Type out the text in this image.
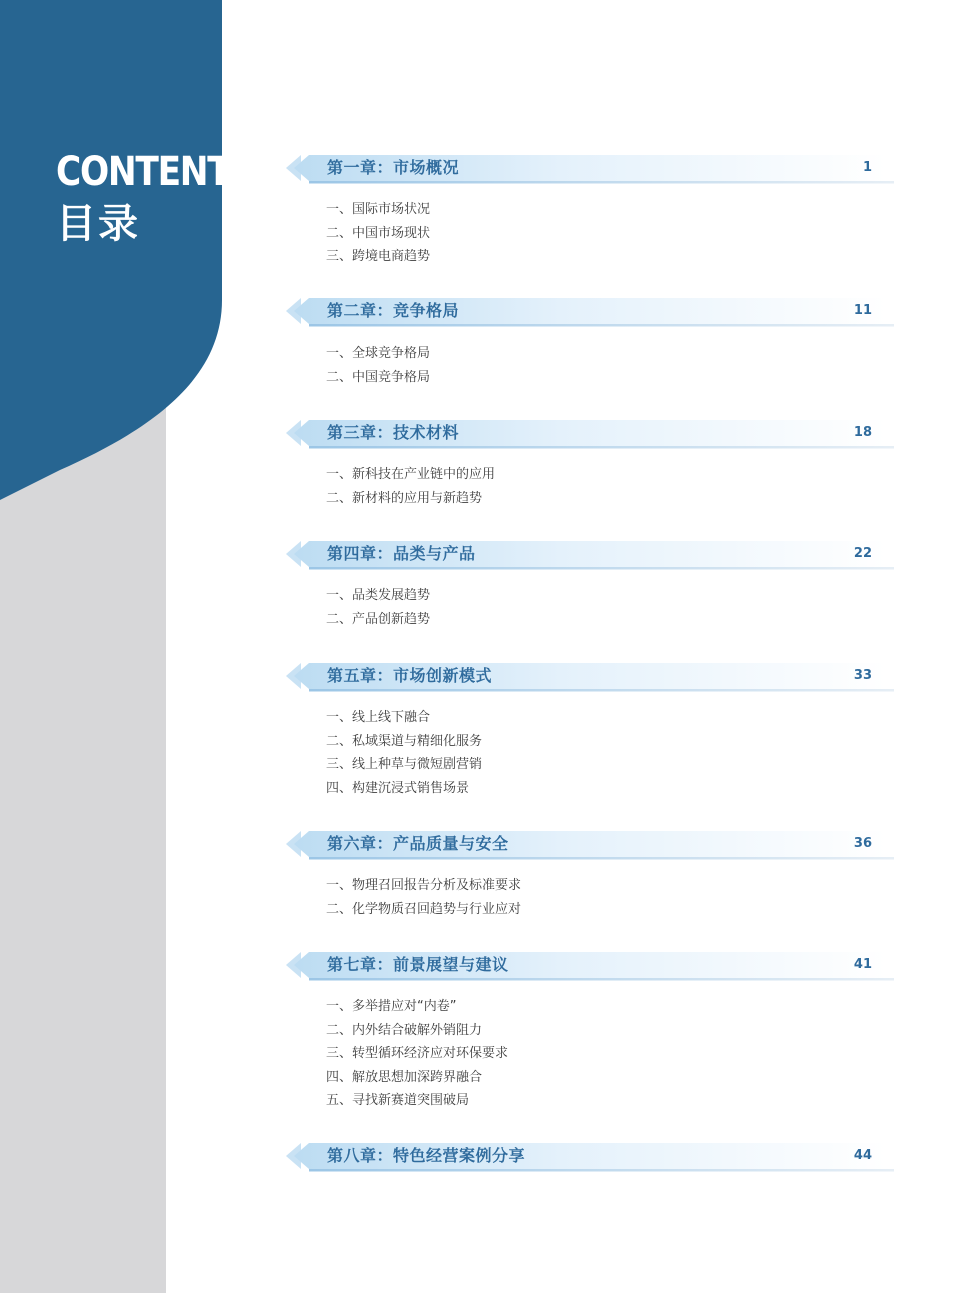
CONTENTS
目录
第一章：市场概况	1
一、国际市场状况
二、中国市场现状
三、跨境电商趋势
第二章：竞争格局	11
一、全球竞争格局
二、中国竞争格局
第三章：技术材料	18
一、新科技在产业链中的应用
二、新材料的应用与新趋势
第四章：品类与产品	22
一、品类发展趋势
二、产品创新趋势
第五章：市场创新模式	33
一、线上线下融合
二、私域渠道与精细化服务
三、线上种草与微短剧营销
四、构建沉浸式销售场景
第六章：产品质量与安全	36
一、物理召回报告分析及标准要求
二、化学物质召回趋势与行业应对
第七章：前景展望与建议	41
一、多举措应对“内卷”
二、内外结合破解外销阻力
三、转型循环经济应对环保要求
四、解放思想加深跨界融合
五、寻找新赛道突围破局
第八章：特色经营案例分享	44
